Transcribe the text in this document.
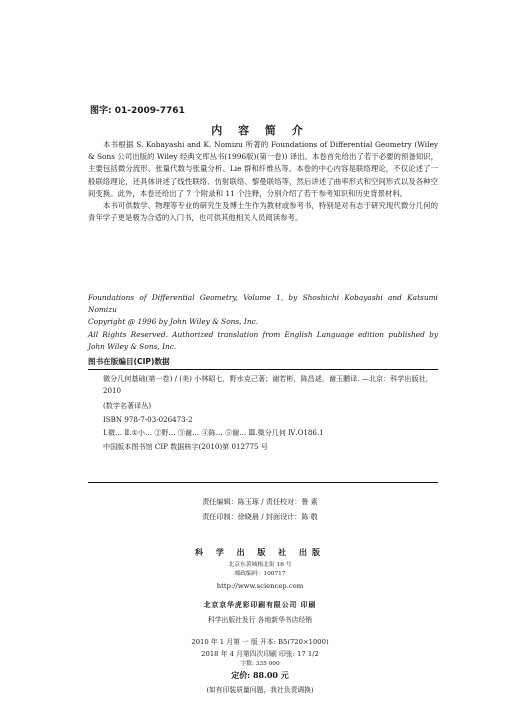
图字: 01-2009-7761
内 容 简 介

本书根据 S. Kobayashi and K. Nomizu 所著的 Foundations of Differential Geometry (Wiley & Sons 公司出版的 Wiley 经典文库丛书(1996版)(第一卷)) 译出。本卷首先给出了若干必要的预备知识，主要包括微分流形、张量代数与张量分析、Lie 群和纤维丛等。本卷的中心内容是联络理论，不仅论述了一般联络理论，还具体讲述了线性联络、仿射联络、黎曼联络等，然后讲述了曲率形式和空间形式以及各种空间变换。此外，本卷还给出了 7 个附录和 11 个注释，分别介绍了若干参考知识和历史背景材料。

本书可供数学、物理等专业的研究生及博士生作为教材或参考书，特别是对有志于研究现代微分几何的青年学子更是极为合适的入门书，也可供其他相关人员阅读参考。

Foundations of Differential Geometry, Volume 1, by Shoshichi Kobayashi and Katsumi Nomizu

Copyright @ 1996 by John Wiley & Sons, Inc.

All Rights Reserved. Authorized translation from English Language edition published by John Wiley & Sons, Inc.

图书在版编目(CIP)数据
微分几何基础(第一卷) / (美) 小林昭七，野水克己著；谢若彬，陈昌逑，谢玉鹏译. —北京：科学出版社，2010
(数学名著译丛)
ISBN 978-7-03-026473-2
Ⅰ.微… Ⅱ.①小… ②野… ③谢… ④陈… ⑤谢… Ⅲ.微分几何 Ⅳ.O186.1
中国版本图书馆 CIP 数据核字(2010)第 012775 号
责任编辑：陈玉琢 / 责任校对：鲁 素
责任印制：徐晓晨 / 封面设计：陈 敬
科 学 出 版 社 出版
北京东黄城根北街 16 号
邮政编码：100717
http://www.sciencep.com
北京京华虎彩印刷有限公司 印刷
科学出版社发行 各地新华书店经销
2010 年 1 月第 一 版 开本: B5(720×1000)
2018 年 4 月第四次印刷 印张: 17 1/2
字数: 335 000
定价: 88.00 元
(如有印装质量问题，我社负责调换)
